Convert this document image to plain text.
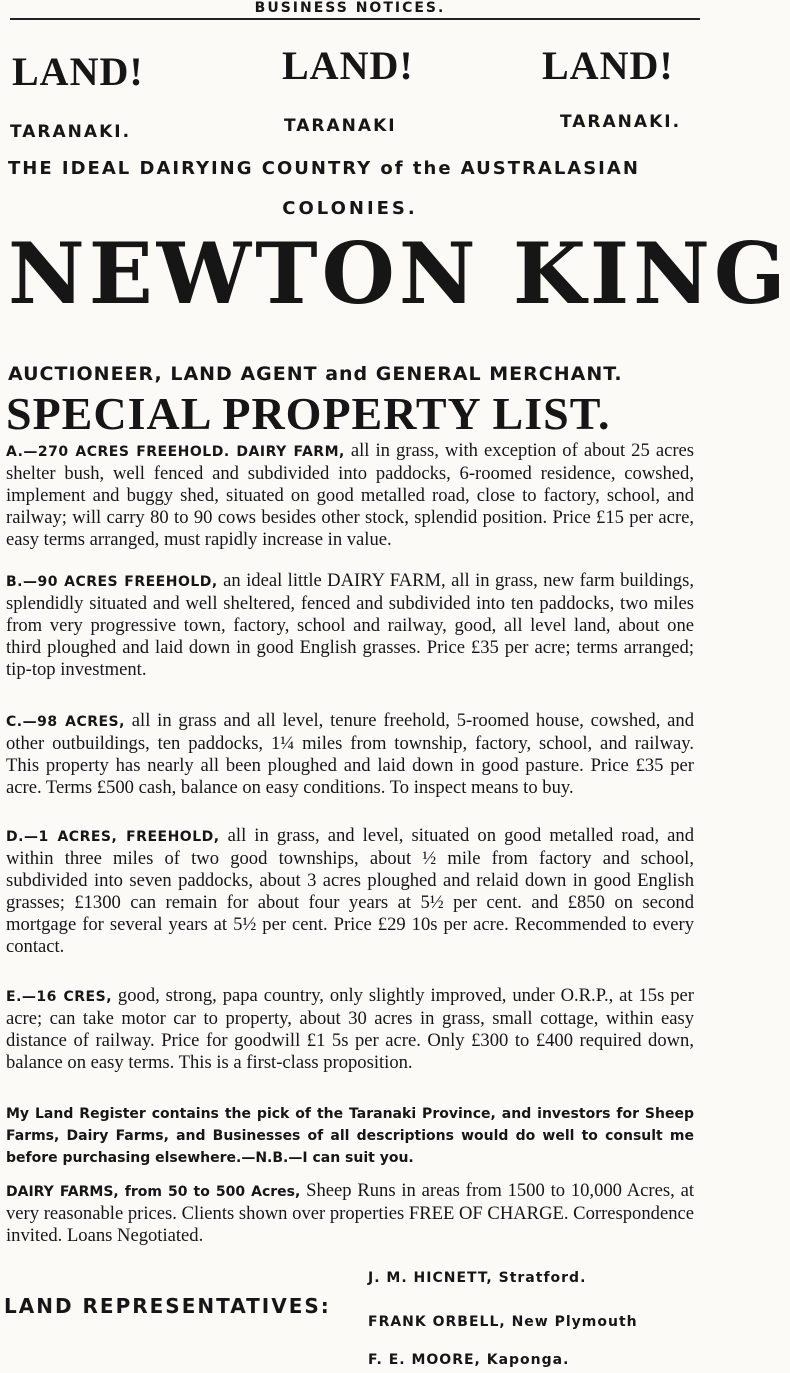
BUSINESS NOTICES.
LAND!	LAND!	LAND!
TARANAKI.	TARANAKI	TARANAKI.
THE IDEAL DAIRYING COUNTRY of the AUSTRALASIAN
COLONIES.
NEWTON KING
AUCTIONEER, LAND AGENT and GENERAL MERCHANT.
SPECIAL PROPERTY LIST.

A.—270 ACRES FREEHOLD. DAIRY FARM, all in grass, with exception of about 25 acres shelter bush, well fenced and subdivided into paddocks, 6-roomed residence, cowshed, implement and buggy shed, situated on good metalled road, close to factory, school, and railway; will carry 80 to 90 cows besides other stock, splendid position. Price £15 per acre, easy terms arranged, must rapidly increase in value.

B.—90 ACRES FREEHOLD, an ideal little DAIRY FARM, all in grass, new farm buildings, splendidly situated and well sheltered, fenced and subdivided into ten paddocks, two miles from very progressive town, factory, school and railway, good, all level land, about one third ploughed and laid down in good English grasses. Price £35 per acre; terms arranged; tip-top investment.

C.—98 ACRES, all in grass and all level, tenure freehold, 5-roomed house, cowshed, and other outbuildings, ten paddocks, 1¼ miles from township, factory, school, and railway. This property has nearly all been ploughed and laid down in good pasture. Price £35 per acre. Terms £500 cash, balance on easy conditions. To inspect means to buy.

D.—1 ACRES, FREEHOLD, all in grass, and level, situated on good metalled road, and within three miles of two good townships, about ½ mile from factory and school, subdivided into seven paddocks, about 3 acres ploughed and relaid down in good English grasses; £1300 can remain for about four years at 5½ per cent. and £850 on second mortgage for several years at 5½ per cent. Price £29 10s per acre. Recommended to every contact.

E.—16 CRES, good, strong, papa country, only slightly improved, under O.R.P., at 15s per acre; can take motor car to property, about 30 acres in grass, small cottage, within easy distance of railway. Price for goodwill £1 5s per acre. Only £300 to £400 required down, balance on easy terms. This is a first-class proposition.

My Land Register contains the pick of the Taranaki Province, and investors for Sheep Farms, Dairy Farms, and Businesses of all descriptions would do well to consult me before purchasing elsewhere.—N.B.—I can suit you.

DAIRY FARMS, from 50 to 500 Acres, Sheep Runs in areas from 1500 to 10,000 Acres, at very reasonable prices. Clients shown over properties FREE OF CHARGE. Correspondence invited. Loans Negotiated.

LAND REPRESENTATIVES:
J. M. HICNETT, Stratford.
FRANK ORBELL, New Plymouth
F. E. MOORE, Kaponga.
